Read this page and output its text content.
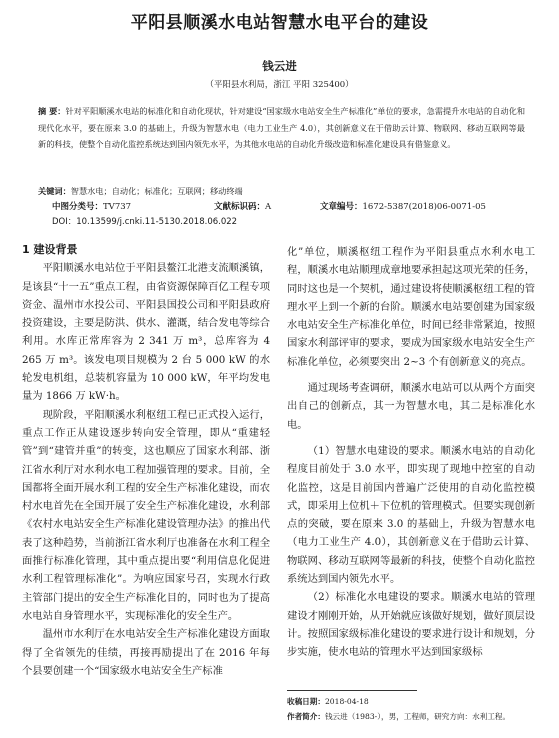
平阳县顺溪水电站智慧水电平台的建设
钱云进
（平阳县水利局，浙江 平阳 325400）
摘 要：针对平阳顺溪水电站的标准化和自动化现状，针对建设“国家级水电站安全生产标准化”单位的要求，急需提升水电站的自动化和现代化水平，要在原来 3.0 的基础上，升级为智慧水电（电力工业生产 4.0），其创新意义在于借助云计算、物联网、移动互联网等最新的科技，使整个自动化监控系统达到国内领先水平，为其他水电站的自动化升级改造和标准化建设具有借鉴意义。
关键词：智慧水电；自动化；标准化；互联网；移动终端
中图分类号：TV737	文献标识码：A	文章编号：1672-5387(2018)06-0071-05
DOI：10.13599/j.cnki.11-5130.2018.06.022

1 建设背景

平阳顺溪水电站位于平阳县鳌江北港支流顺溪镇，是该县“十一五”重点工程，由省资源保障百亿工程专项资金、温州市水投公司、平阳县国投公司和平阳县政府投资建设，主要是防洪、供水、灌溉，结合发电等综合利用。水库正常库容为 2 341 万 m³，总库容为 4 265 万 m³。该发电项目规模为 2 台 5 000 kW 的水轮发电机组，总装机容量为 10 000 kW，年平均发电量为 1866 万 kW·h。

现阶段，平阳顺溪水利枢纽工程已正式投入运行，重点工作正从建设逐步转向安全管理，即从“重建轻管”到“建管并重”的转变，这也顺应了国家水利部、浙江省水利厅对水利水电工程加强管理的要求。目前，全国都将全面开展水利工程的安全生产标准化建设，而农村水电首先在全国开展了安全生产标准化建设，水利部《农村水电站安全生产标准化建设管理办法》的推出代表了这种趋势，当前浙江省水利厅也准备在水利工程全面推行标准化管理，其中重点提出要“利用信息化促进水利工程管理标准化”。为响应国家号召，实现水行政主管部门提出的安全生产标准化目的，同时也为了提高水电站自身管理水平，实现标准化的安全生产。

温州市水利厅在水电站安全生产标准化建设方面取得了全省领先的佳绩，再接再励提出了在 2016 年每个县要创建一个“国家级水电站安全生产标准

化”单位，顺溪枢纽工程作为平阳县重点水利水电工程，顺溪水电站顺理成章地要承担起这项光荣的任务，同时这也是一个契机，通过建设将使顺溪枢纽工程的管理水平上到一个新的台阶。顺溪水电站要创建为国家级水电站安全生产标准化单位，时间已经非常紧迫，按照国家水利部评审的要求，要成为国家级水电站安全生产标准化单位，必须要突出 2~3 个有创新意义的亮点。

通过现场考查调研，顺溪水电站可以从两个方面突出自己的创新点，其一为智慧水电，其二是标准化水电。

（1）智慧水电建设的要求。顺溪水电站的自动化程度目前处于 3.0 水平，即实现了现地中控室的自动化监控，这是目前国内普遍广泛使用的自动化监控模式，即采用上位机＋下位机的管理模式。但要实现创新点的突破，要在原来 3.0 的基础上，升级为智慧水电（电力工业生产 4.0），其创新意义在于借助云计算、物联网、移动互联网等最新的科技，使整个自动化监控系统达到国内领先水平。

（2）标准化水电建设的要求。顺溪水电站的管理建设才刚刚开始，从开始就应该做好规划，做好顶层设计。按照国家级标准化建设的要求进行设计和规划，分步实施，使水电站的管理水平达到国家级标

收稿日期：2018-04-18
作者简介：钱云进（1983-），男，工程师，研究方向：水利工程。
